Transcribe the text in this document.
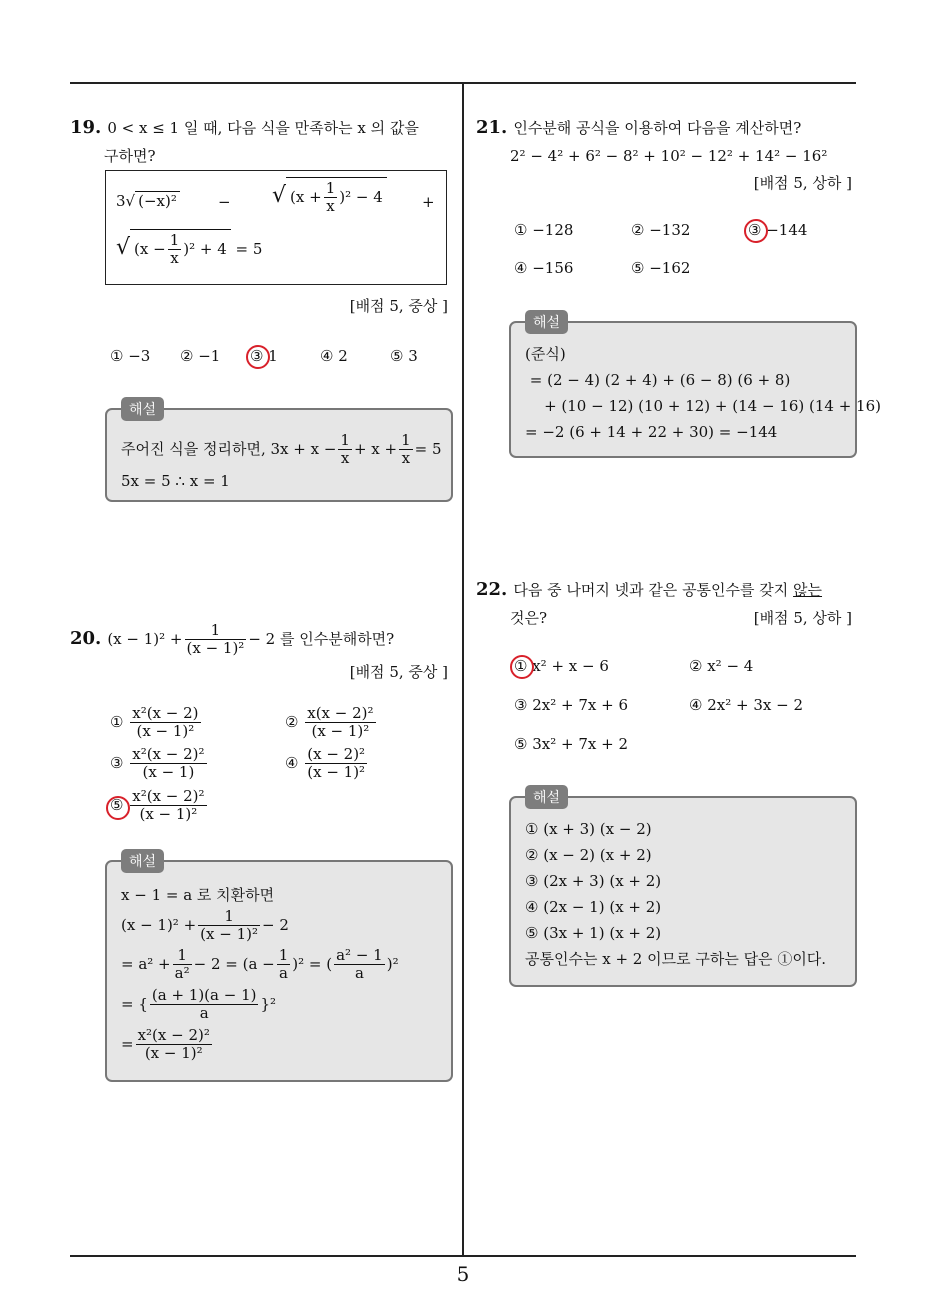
19. 0 < x ≤ 1 일 때, 다음 식을 만족하는 x 의 값을
구하면?
3√ (−x)²	− √ $(x + \frac{1}{x} )^2 - 4$	+
√ $(x - \frac{1}{x} )^2 + 4 = 5$
[배점 5, 중상 ]
① −3 ② −1 ③ 1	④ 2	⑤ 3
해설
주어진 식을 정리하면, $3x + x - \frac{1}{x} + x + \frac{1}{x} = 5$
5x = 5 ∴ x = 1
20. $(x - 1)^2 + \frac{1}{\text{(x − 1)²}} - 2$ 를 인수분해하면?
[배점 5, 중상 ]
① $\frac{\text{x²(x − 2)}}{\text{(x − 1)²}}$	② $\frac{\text{x(x − 2)²}}{\text{(x − 1)²}}$
③ $\frac{\text{x²(x − 2)²}}{(x - 1)}$	④ $\frac{\text{(x − 2)²}}{\text{(x − 1)²}}$
⑤ $\frac{\text{x²(x − 2)²}}{\text{(x − 1)²}}$
해설
x − 1 = a 로 치환하면
$(x - 1)^2 + \frac{1}{\text{(x − 1)²}} - 2$
= $a^2 + \frac{1}{\text{a²}} - 2 = (a - \frac{1}{a} )^2$ = ( $\frac{\text{a² − 1}}{a} )^2$
= { $\frac{(a + 1)(a - 1)}{a} \}^2$
= $\frac{\text{x²(x − 2)²}}{\text{(x − 1)²}}$
21. 인수분해 공식을 이용하여 다음을 계산하면?
2² − 4² + 6² − 8² + 10² − 12² + 14² − 16²
[배점 5, 상하 ]
① −128	② −132	③ −144
④ −156	⑤ −162
해설
(준식)
= (2 − 4) (2 + 4) + (6 − 8) (6 + 8)
+ (10 − 12) (10 + 12) + (14 − 16) (14 + 16)
= −2 (6 + 14 + 22 + 30) = −144
22. 다음 중 나머지 넷과 같은 공통인수를 갖지 않는
것은?	[배점 5, 상하 ]
① x² + x − 6	② x² − 4
③ 2x² + 7x + 6	④ 2x² + 3x − 2
⑤ 3x² + 7x + 2
해설
① (x + 3) (x − 2)
② (x − 2) (x + 2)
③ (2x + 3) (x + 2)
④ (2x − 1) (x + 2)
⑤ (3x + 1) (x + 2)
공통인수는 x + 2 이므로 구하는 답은 ①이다.
5
